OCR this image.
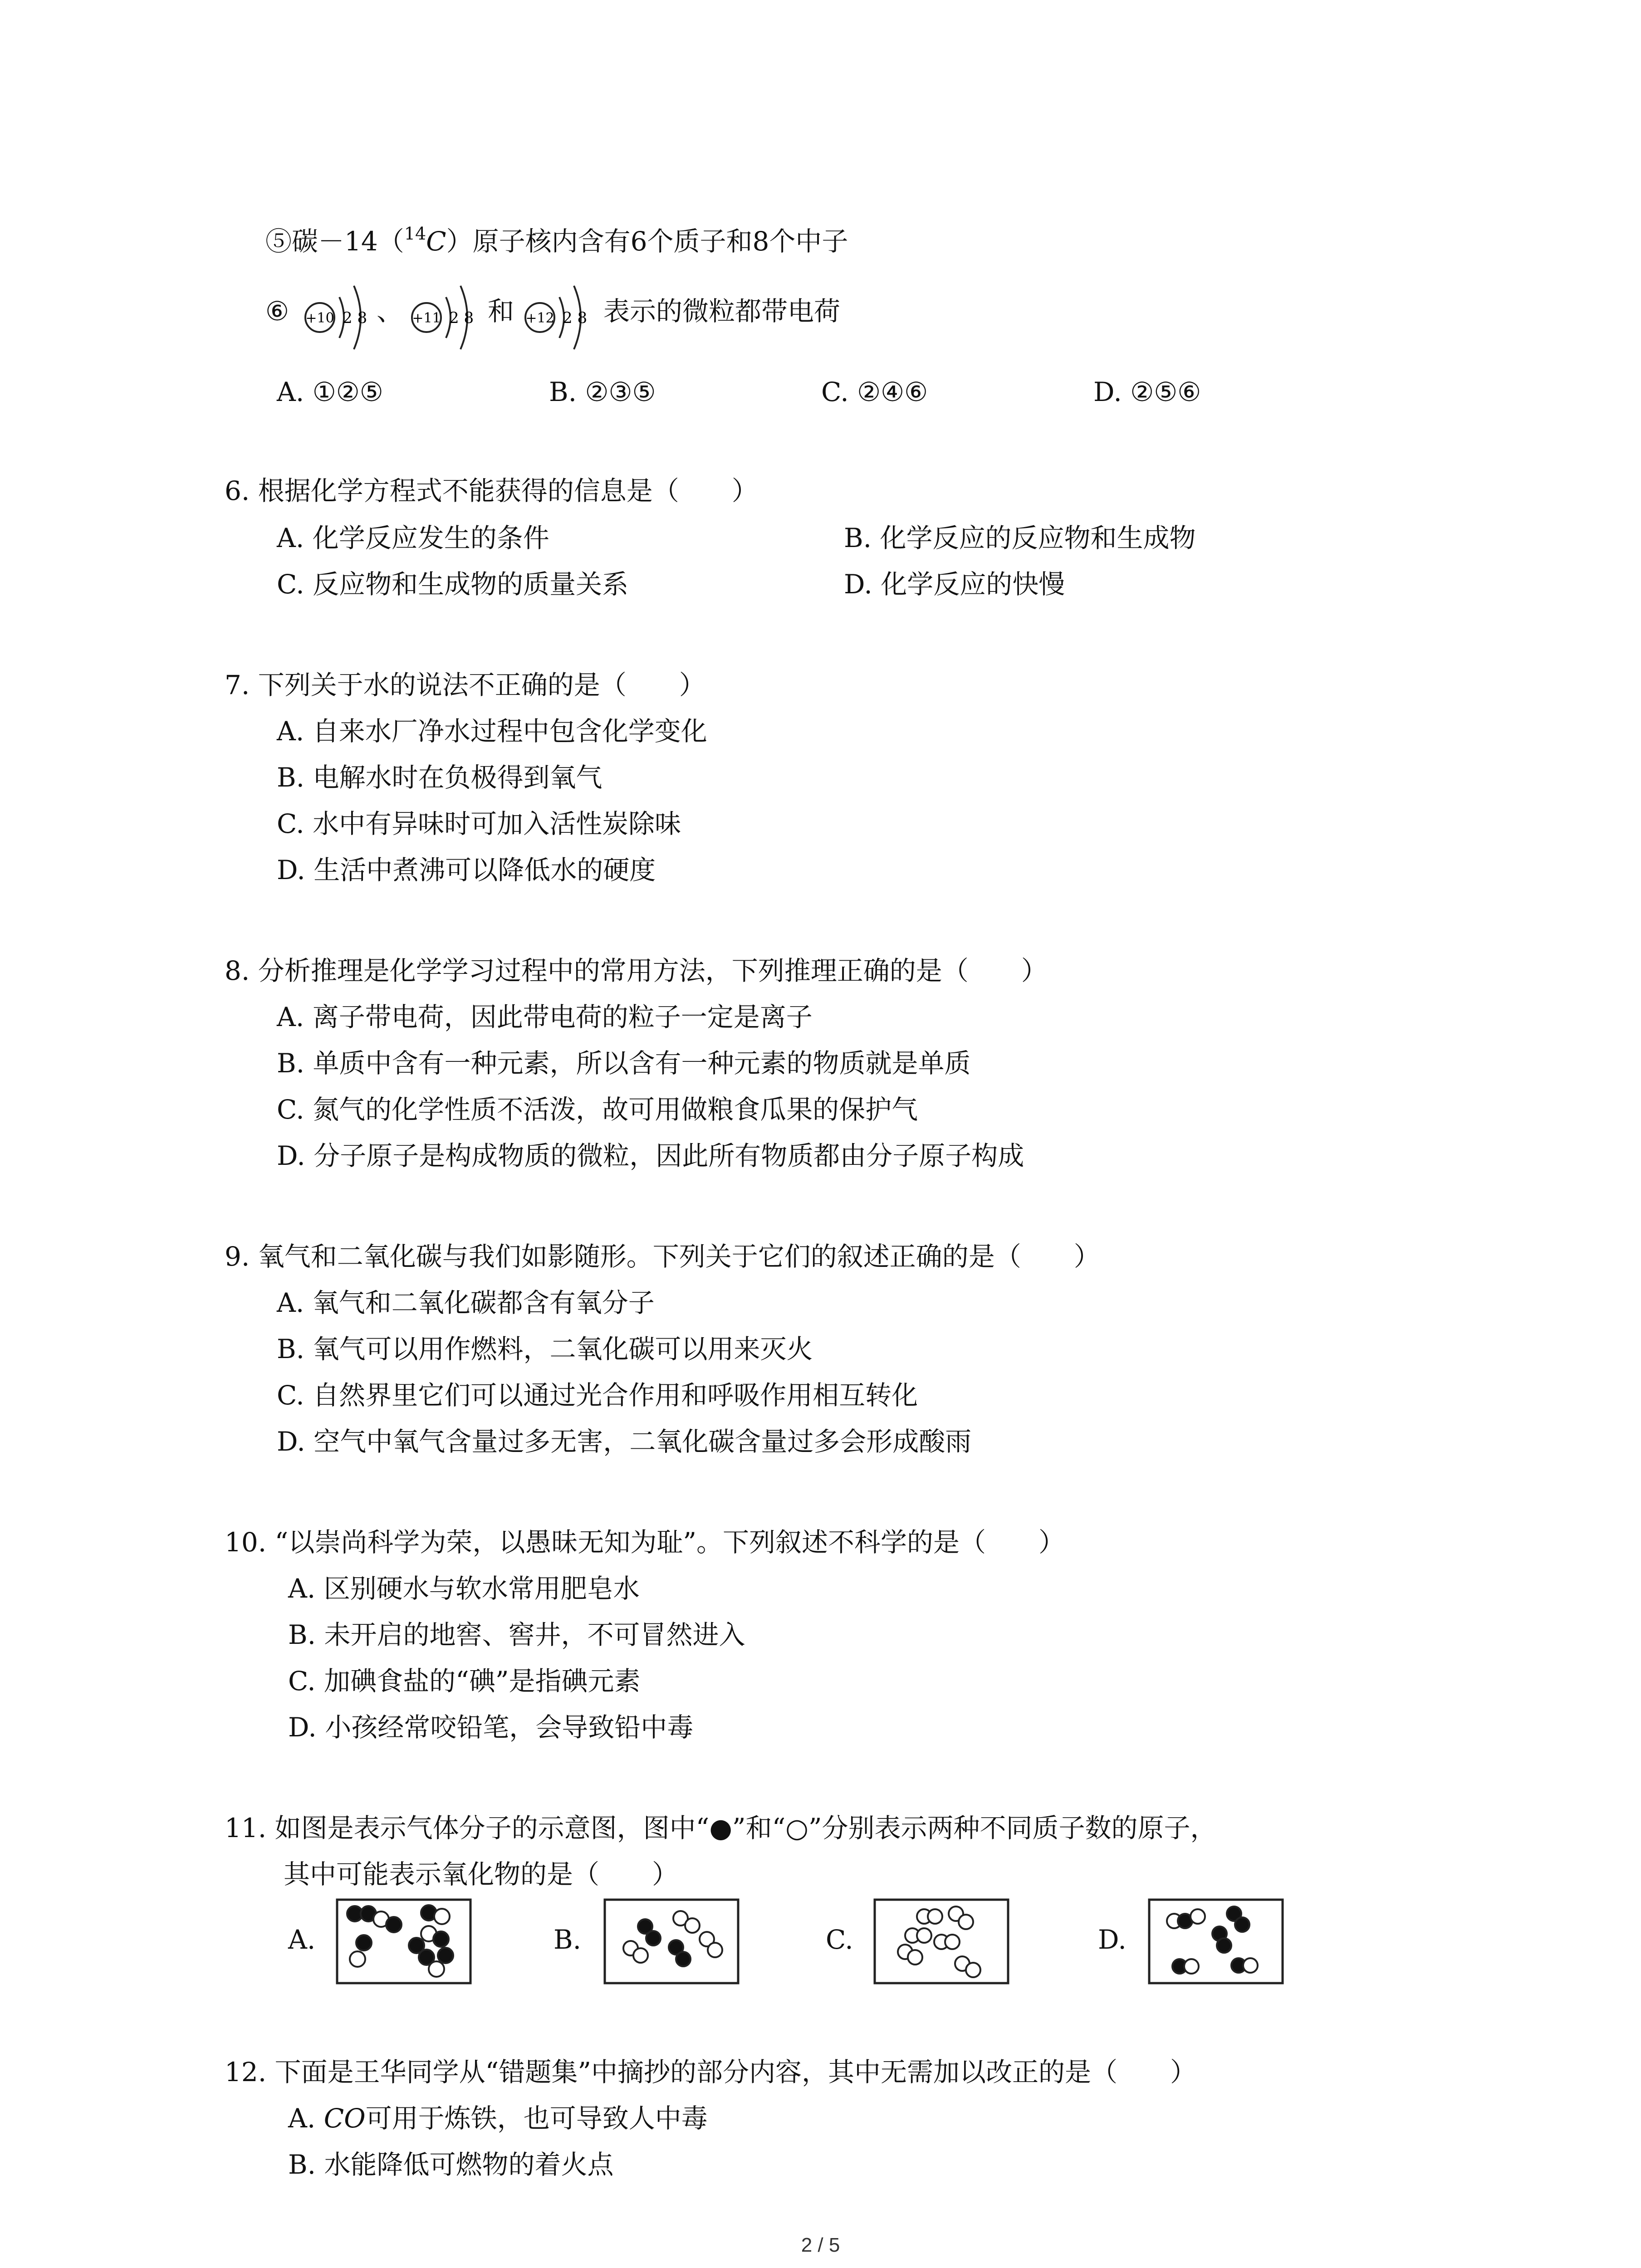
⑤碳－14（$^{14}$C）原子核内含有6个质子和8个中子
⑥ +10 2 8 、 +11 2 8 和 +12 2 8 表示的微粒都带电荷
A. ①②⑤	B. ②③⑤	C. ②④⑥	D. ②⑤⑥
6. 根据化学方程式不能获得的信息是（　　）
A. 化学反应发生的条件	B. 化学反应的反应物和生成物
C. 反应物和生成物的质量关系	D. 化学反应的快慢
7. 下列关于水的说法不正确的是（　　）
A. 自来水厂净水过程中包含化学变化
B. 电解水时在负极得到氧气
C. 水中有异味时可加入活性炭除味
D. 生活中煮沸可以降低水的硬度
8. 分析推理是化学学习过程中的常用方法，下列推理正确的是（　　）
A. 离子带电荷，因此带电荷的粒子一定是离子
B. 单质中含有一种元素，所以含有一种元素的物质就是单质
C. 氮气的化学性质不活泼，故可用做粮食瓜果的保护气
D. 分子原子是构成物质的微粒，因此所有物质都由分子原子构成
9. 氧气和二氧化碳与我们如影随形。下列关于它们的叙述正确的是（　　）
A. 氧气和二氧化碳都含有氧分子
B. 氧气可以用作燃料，二氧化碳可以用来灭火
C. 自然界里它们可以通过光合作用和呼吸作用相互转化
D. 空气中氧气含量过多无害，二氧化碳含量过多会形成酸雨
10. “以崇尚科学为荣，以愚昧无知为耻”。下列叙述不科学的是（　　）
A. 区别硬水与软水常用肥皂水
B. 未开启的地窖、窖井，不可冒然进入
C. 加碘食盐的“碘”是指碘元素
D. 小孩经常咬铅笔，会导致铅中毒
11. 如图是表示气体分子的示意图，图中“●”和“○”分别表示两种不同质子数的原子，
其中可能表示氧化物的是（　　）
A.	B.	C.	D.
12. 下面是王华同学从“错题集”中摘抄的部分内容，其中无需加以改正的是（　　）
A. CO可用于炼铁，也可导致人中毒
B. 水能降低可燃物的着火点
2 / 5
